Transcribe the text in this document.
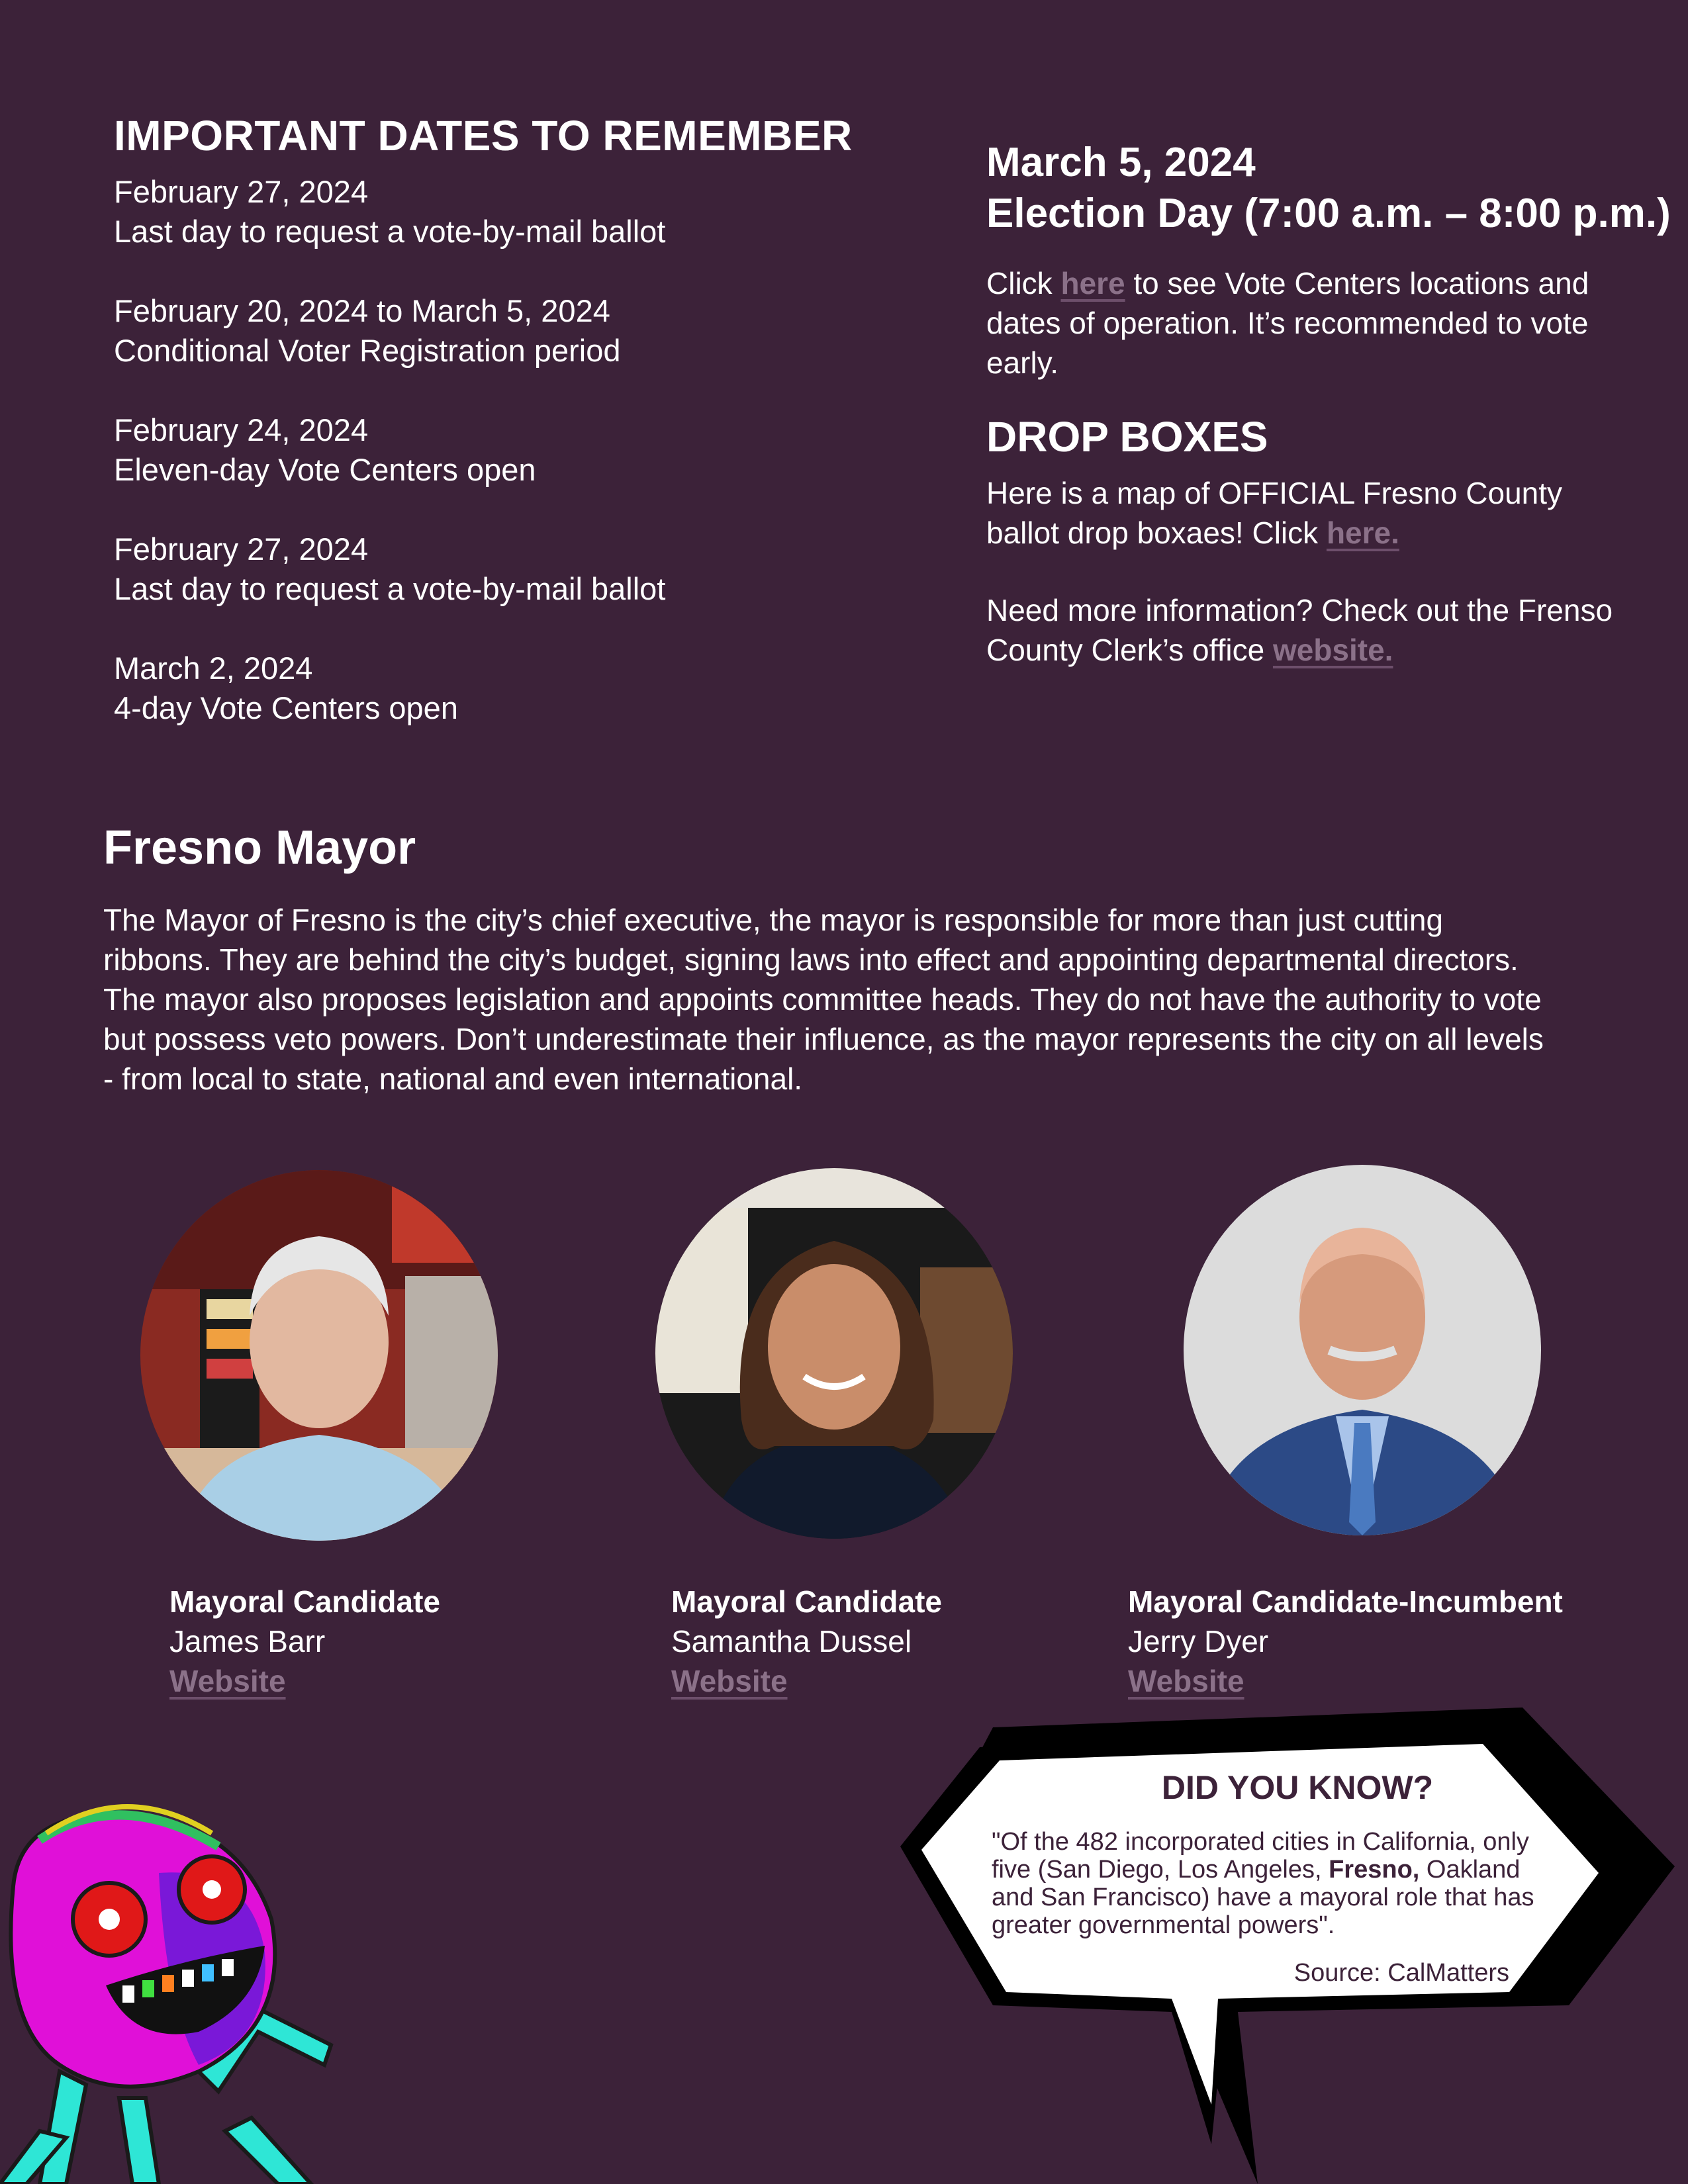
IMPORTANT DATES TO REMEMBER
February 27, 2024
Last day to request a vote-by-mail ballot
February 20, 2024 to March 5, 2024
Conditional Voter Registration period
February 24, 2024
Eleven-day Vote Centers open
February 27, 2024
Last day to request a vote-by-mail ballot
March 2, 2024
4-day Vote Centers open
March 5, 2024
Election Day (7:00 a.m. – 8:00 p.m.)
Click here to see Vote Centers locations and dates of operation. It’s recommended to vote early.
DROP BOXES
Here is a map of OFFICIAL Fresno County ballot drop boxaes! Click here.
Need more information? Check out the Frenso County Clerk’s office website.
Fresno Mayor
The Mayor of Fresno is the city’s chief executive, the mayor is responsible for more than just cutting ribbons. They are behind the city’s budget, signing laws into effect and appointing departmental directors. The mayor also proposes legislation and appoints committee heads. They do not have the authority to vote but possess veto powers. Don’t underestimate their influence, as the mayor represents the city on all levels - from local to state, national and even international.
Mayoral Candidate
James Barr
Website
Mayoral Candidate
Samantha Dussel
Website
Mayoral Candidate-Incumbent
Jerry Dyer
Website
DID YOU KNOW?
"Of the 482 incorporated cities in California, only five (San Diego, Los Angeles, Fresno, Oakland and San Francisco) have a mayoral role that has greater governmental powers".
Source: CalMatters
